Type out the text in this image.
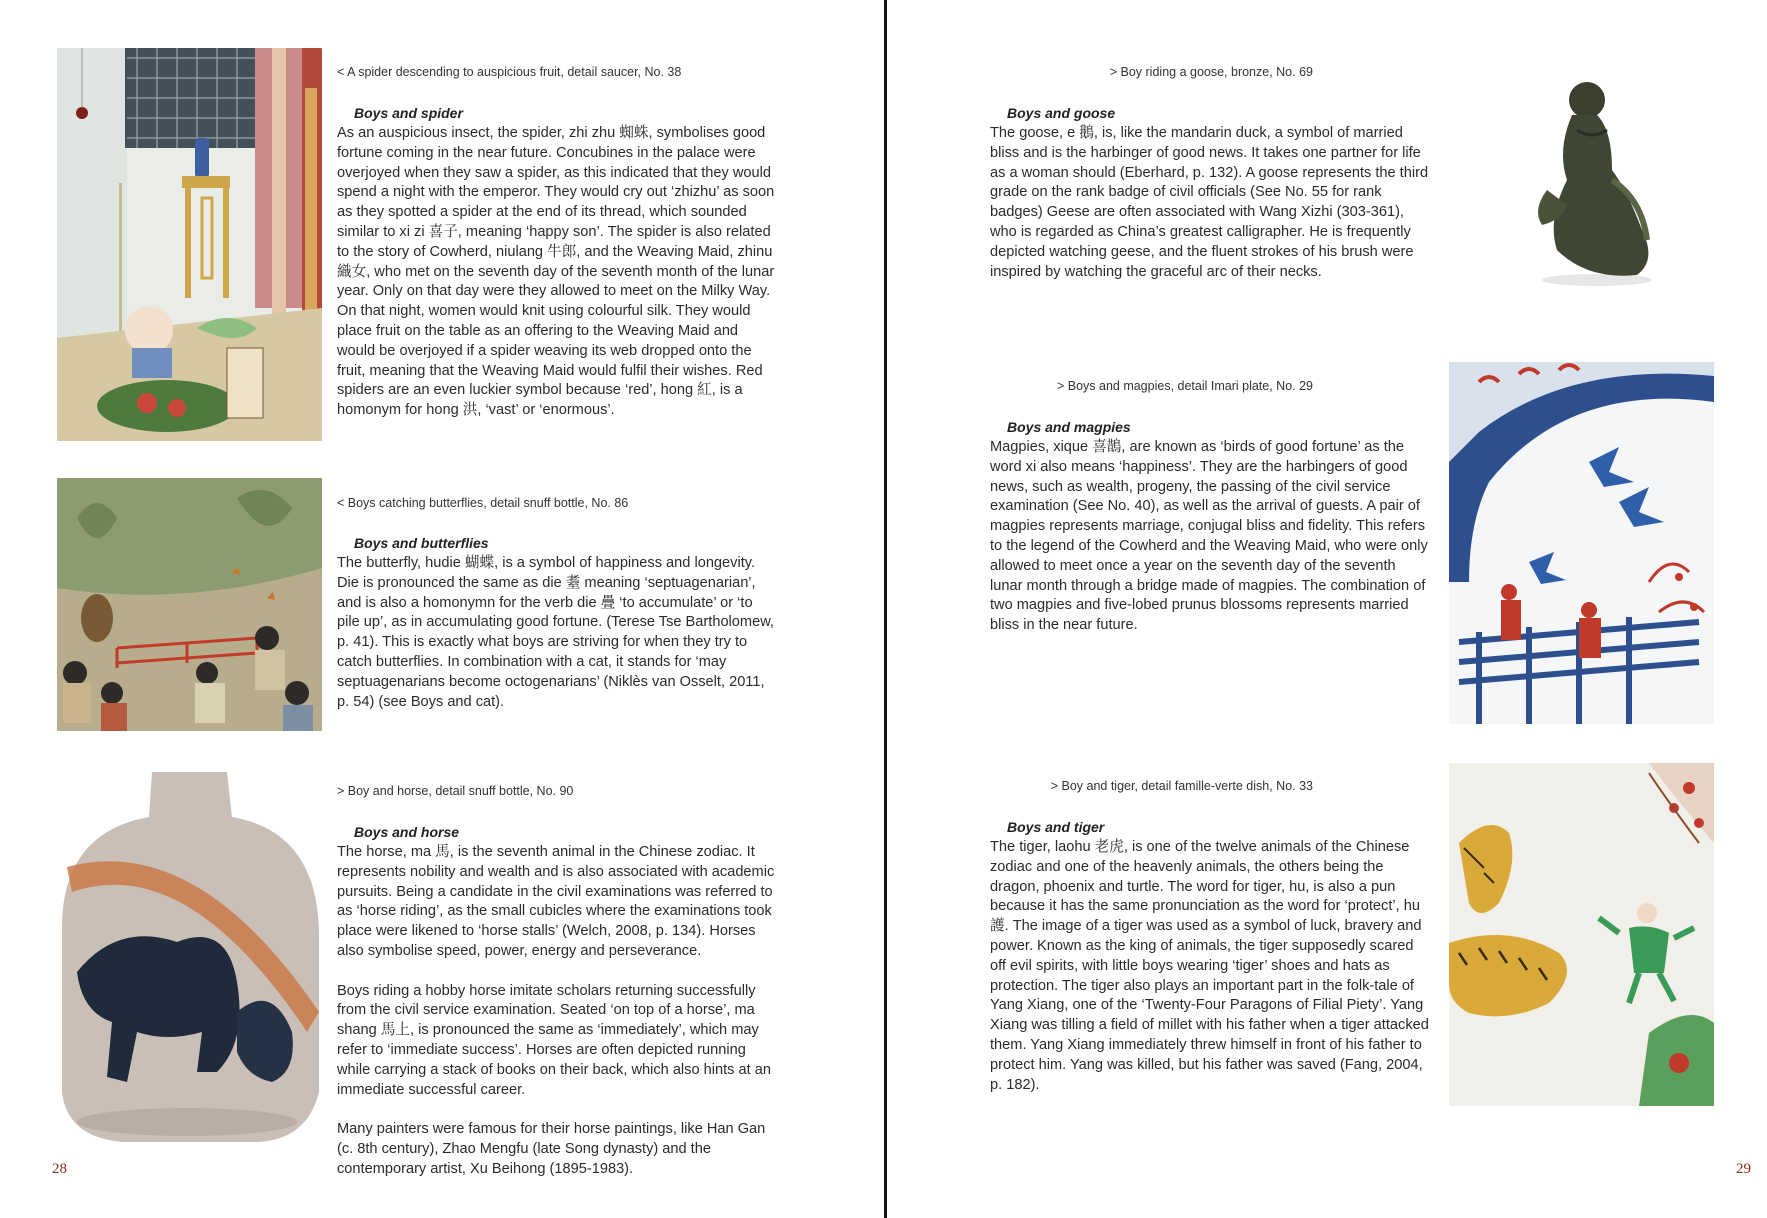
< A spider descending to auspicious fruit, detail saucer, No. 38
Boys and spider

As an auspicious insect, the spider, zhi zhu 蜘蛛, symbolises good fortune coming in the near future. Concubines in the palace were overjoyed when they saw a spider, as this indicated that they would spend a night with the emperor. They would cry out ‘zhizhu’ as soon as they spotted a spider at the end of its thread, which sounded similar to xi zi 喜子, meaning ‘happy son’. The spider is also related to the story of Cowherd, niulang 牛郎, and the Weaving Maid, zhinu 織女, who met on the seventh day of the seventh month of the lunar year. Only on that day were they allowed to meet on the Milky Way. On that night, women would knit using colourful silk. They would place fruit on the table as an offering to the Weaving Maid and would be overjoyed if a spider weaving its web dropped onto the fruit, meaning that the Weaving Maid would fulfil their wishes. Red spiders are an even luckier symbol because ‘red’, hong 紅, is a homonym for hong 洪, ‘vast’ or ‘enormous’.

< Boys catching butterflies, detail snuff bottle, No. 86
Boys and butterflies

The butterfly, hudie 蝴蝶, is a symbol of happiness and longevity. Die is pronounced the same as die 耋 meaning ‘septuagenarian’, and is also a homonymn for the verb die 疊 ‘to accumulate’ or ‘to pile up’, as in accumulating good fortune. (Terese Tse Bartholomew, p. 41). This is exactly what boys are striving for when they try to catch butterflies. In combination with a cat, it stands for ‘may septuagenarians become octogenarians’ (Niklès van Osselt, 2011, p. 54) (see Boys and cat).

> Boy and horse, detail snuff bottle, No. 90
Boys and horse

The horse, ma 馬, is the seventh animal in the Chinese zodiac. It represents nobility and wealth and is also associated with academic pursuits. Being a candidate in the civil examinations was referred to as ‘horse riding’, as the small cubicles where the examinations took place were likened to ‘horse stalls’ (Welch, 2008, p. 134). Horses also symbolise speed, power, energy and perseverance.

Boys riding a hobby horse imitate scholars returning successfully from the civil service examination. Seated ‘on top of a horse’, ma shang 馬上, is pronounced the same as ‘immediately’, which may refer to ‘immediate success’. Horses are often depicted running while carrying a stack of books on their back, which also hints at an immediate successful career.

Many painters were famous for their horse paintings, like Han Gan (c. 8th century), Zhao Mengfu (late Song dynasty) and the contemporary artist, Xu Beihong (1895-1983).

28
> Boy riding a goose, bronze, No. 69
Boys and goose

The goose, e 鵝, is, like the mandarin duck, a symbol of married bliss and is the harbinger of good news. It takes one partner for life as a woman should (Eberhard, p. 132). A goose represents the third grade on the rank badge of civil officials (See No. 55 for rank badges) Geese are often associated with Wang Xizhi (303-361), who is regarded as China’s greatest calligrapher. He is frequently depicted watching geese, and the fluent strokes of his brush were inspired by watching the graceful arc of their necks.

> Boys and magpies, detail Imari plate, No. 29
Boys and magpies

Magpies, xique 喜鵲, are known as ‘birds of good fortune’ as the word xi also means ‘happiness’. They are the harbingers of good news, such as wealth, progeny, the passing of the civil service examination (See No. 40), as well as the arrival of guests. A pair of magpies represents marriage, conjugal bliss and fidelity. This refers to the legend of the Cowherd and the Weaving Maid, who were only allowed to meet once a year on the seventh day of the seventh lunar month through a bridge made of magpies. The combination of two magpies and five-lobed prunus blossoms represents married bliss in the near future.

> Boy and tiger, detail famille-verte dish, No. 33
Boys and tiger

The tiger, laohu 老虎, is one of the twelve animals of the Chinese zodiac and one of the heavenly animals, the others being the dragon, phoenix and turtle. The word for tiger, hu, is also a pun because it has the same pronunciation as the word for ‘protect’, hu 護. The image of a tiger was used as a symbol of luck, bravery and power. Known as the king of animals, the tiger supposedly scared off evil spirits, with little boys wearing ‘tiger’ shoes and hats as protection. The tiger also plays an important part in the folk-tale of Yang Xiang, one of the ‘Twenty-Four Paragons of Filial Piety’. Yang Xiang was tilling a field of millet with his father when a tiger attacked them. Yang Xiang immediately threw himself in front of his father to protect him. Yang was killed, but his father was saved (Fang, 2004, p. 182).

29
